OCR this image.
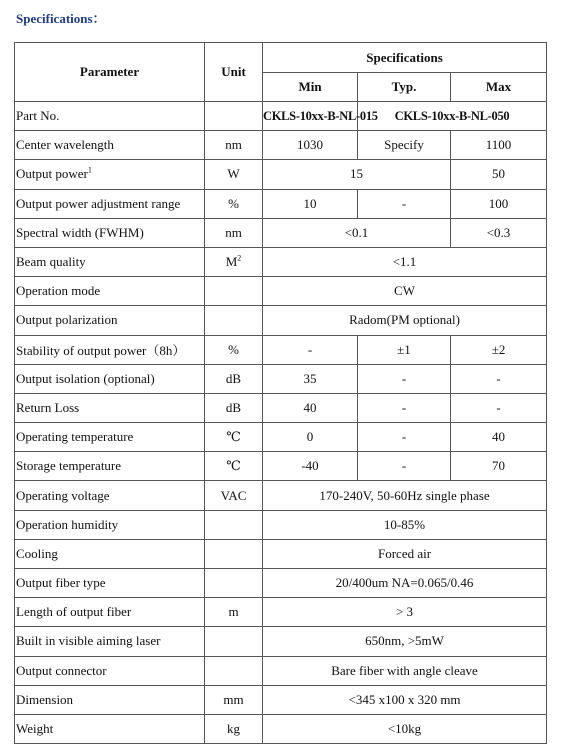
Specifications：
Parameter	Unit	Specifications		
		Min	Typ.	Max
Part No.		CKLS-10xx-B-NL-015	CKLS-10xx-B-NL-050	
Center wavelength	nm	1030	Specify	1100
Output power$^1$	W	15		50
Output power adjustment range	%	10	-	100
Spectral width (FWHM)	nm	<0.1		<0.3
Beam quality	$M^2$	<1.1		
Operation mode		CW		
Output polarization		Radom(PM optional)		
Stability of output power（8h）	%	-	±1	±2
Output isolation (optional)	dB	35	-	-
Return Loss	dB	40	-	-
Operating temperature	℃	0	-	40
Storage temperature	℃	-40	-	70
Operating voltage	VAC	170-240V, 50-60Hz single phase		
Operation humidity		10-85%		
Cooling		Forced air		
Output fiber type		20/400um NA=0.065/0.46		
Length of output fiber	m	> 3		
Built in visible aiming laser		650nm, >5mW		
Output connector		Bare fiber with angle cleave		
Dimension	mm	<345 x100 x 320 mm		
Weight	kg	<10kg		
